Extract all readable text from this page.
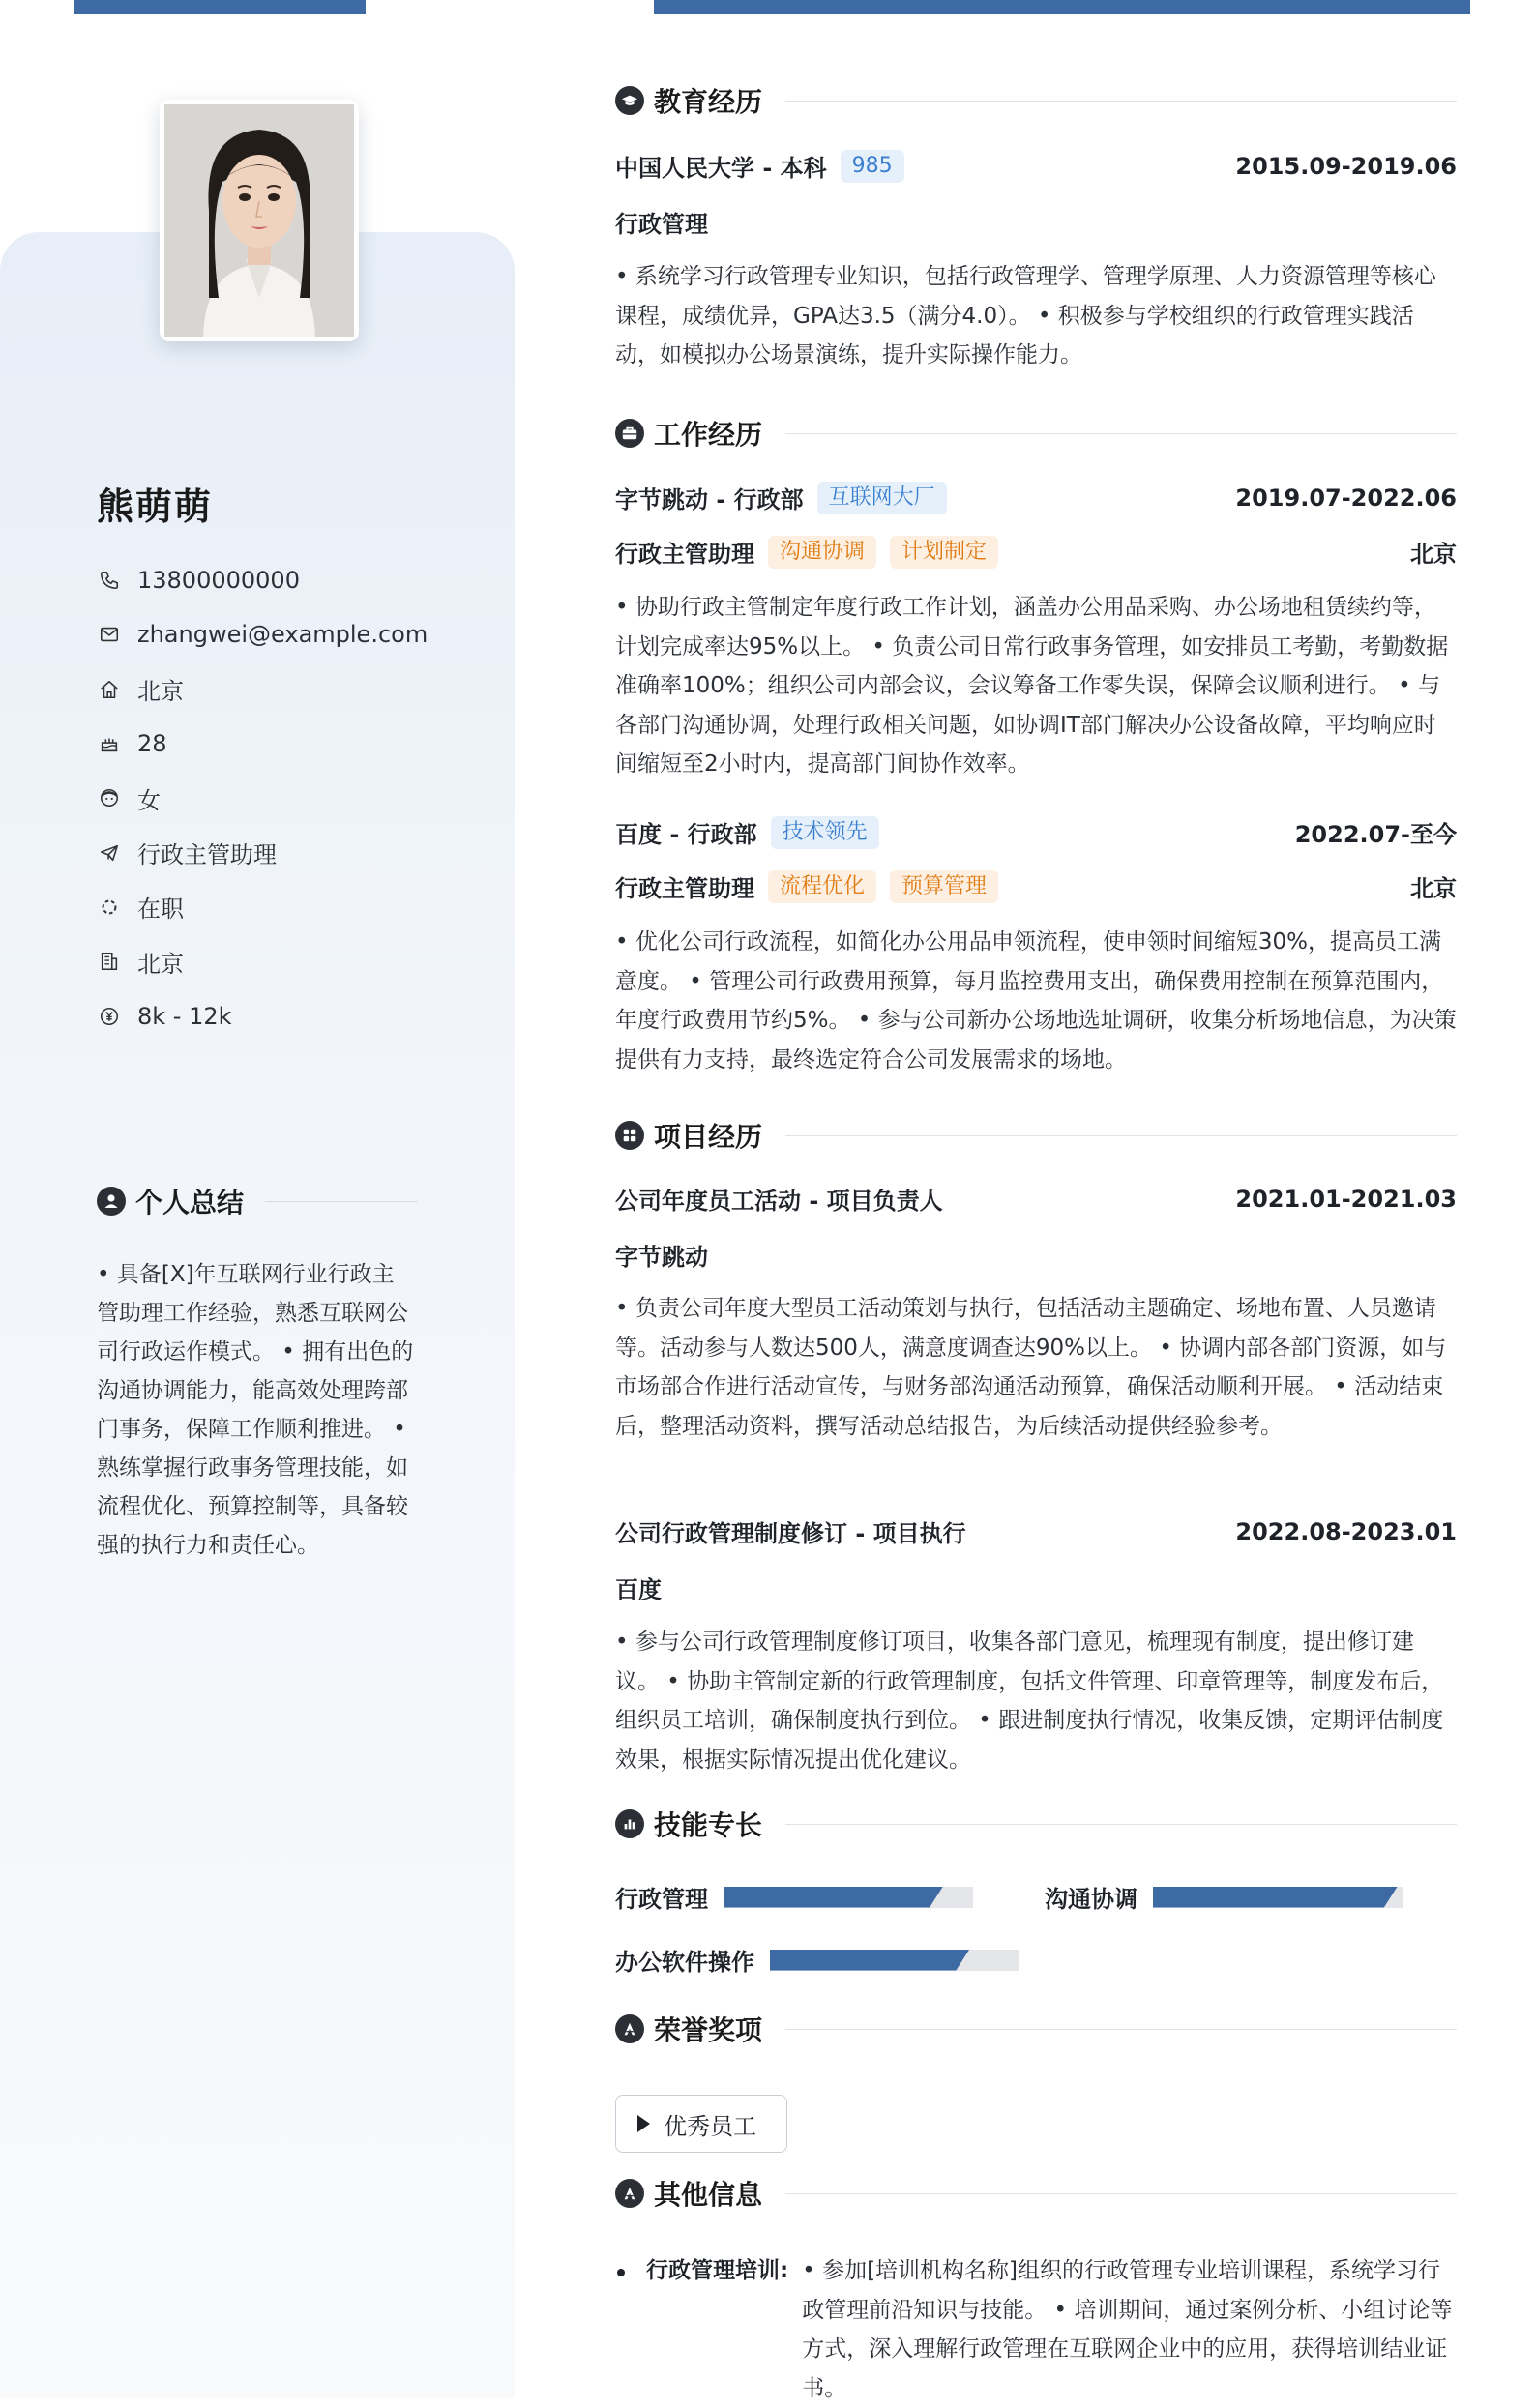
熊萌萌
13800000000
zhangwei@example.com
北京
28
女
行政主管助理
在职
北京
8k - 12k
个人总结
• 具备[X]年互联网行业行政主管助理工作经验，熟悉互联网公司行政运作模式。 • 拥有出色的沟通协调能力，能高效处理跨部门事务，保障工作顺利推进。 • 熟练掌握行政事务管理技能，如流程优化、预算控制等，具备较强的执行力和责任心。
教育经历
中国人民大学 - 本科	985	2015.09-2019.06
行政管理
• 系统学习行政管理专业知识，包括行政管理学、管理学原理、人力资源管理等核心课程，成绩优异，GPA达3.5（满分4.0）。 • 积极参与学校组织的行政管理实践活动，如模拟办公场景演练，提升实际操作能力。
工作经历
字节跳动 - 行政部	互联网大厂	2019.07-2022.06
行政主管助理	沟通协调	计划制定	北京
• 协助行政主管制定年度行政工作计划，涵盖办公用品采购、办公场地租赁续约等，计划完成率达95%以上。 • 负责公司日常行政事务管理，如安排员工考勤，考勤数据准确率100%；组织公司内部会议，会议筹备工作零失误，保障会议顺利进行。 • 与各部门沟通协调，处理行政相关问题，如协调IT部门解决办公设备故障，平均响应时间缩短至2小时内，提高部门间协作效率。
百度 - 行政部	技术领先	2022.07-至今
行政主管助理	流程优化	预算管理	北京
• 优化公司行政流程，如简化办公用品申领流程，使申领时间缩短30%，提高员工满意度。 • 管理公司行政费用预算，每月监控费用支出，确保费用控制在预算范围内，年度行政费用节约5%。 • 参与公司新办公场地选址调研，收集分析场地信息，为决策提供有力支持，最终选定符合公司发展需求的场地。
项目经历
公司年度员工活动 - 项目负责人	2021.01-2021.03
字节跳动
• 负责公司年度大型员工活动策划与执行，包括活动主题确定、场地布置、人员邀请等。活动参与人数达500人，满意度调查达90%以上。 • 协调内部各部门资源，如与市场部合作进行活动宣传，与财务部沟通活动预算，确保活动顺利开展。 • 活动结束后，整理活动资料，撰写活动总结报告，为后续活动提供经验参考。
公司行政管理制度修订 - 项目执行	2022.08-2023.01
百度
• 参与公司行政管理制度修订项目，收集各部门意见，梳理现有制度，提出修订建议。 • 协助主管制定新的行政管理制度，包括文件管理、印章管理等，制度发布后，组织员工培训，确保制度执行到位。 • 跟进制度执行情况，收集反馈，定期评估制度效果，根据实际情况提出优化建议。
技能专长
行政管理	沟通协调
办公软件操作
荣誉奖项
优秀员工
其他信息
行政管理培训: • 参加[培训机构名称]组织的行政管理专业培训课程，系统学习行政管理前沿知识与技能。 • 培训期间，通过案例分析、小组讨论等方式，深入理解行政管理在互联网企业中的应用，获得培训结业证书。
